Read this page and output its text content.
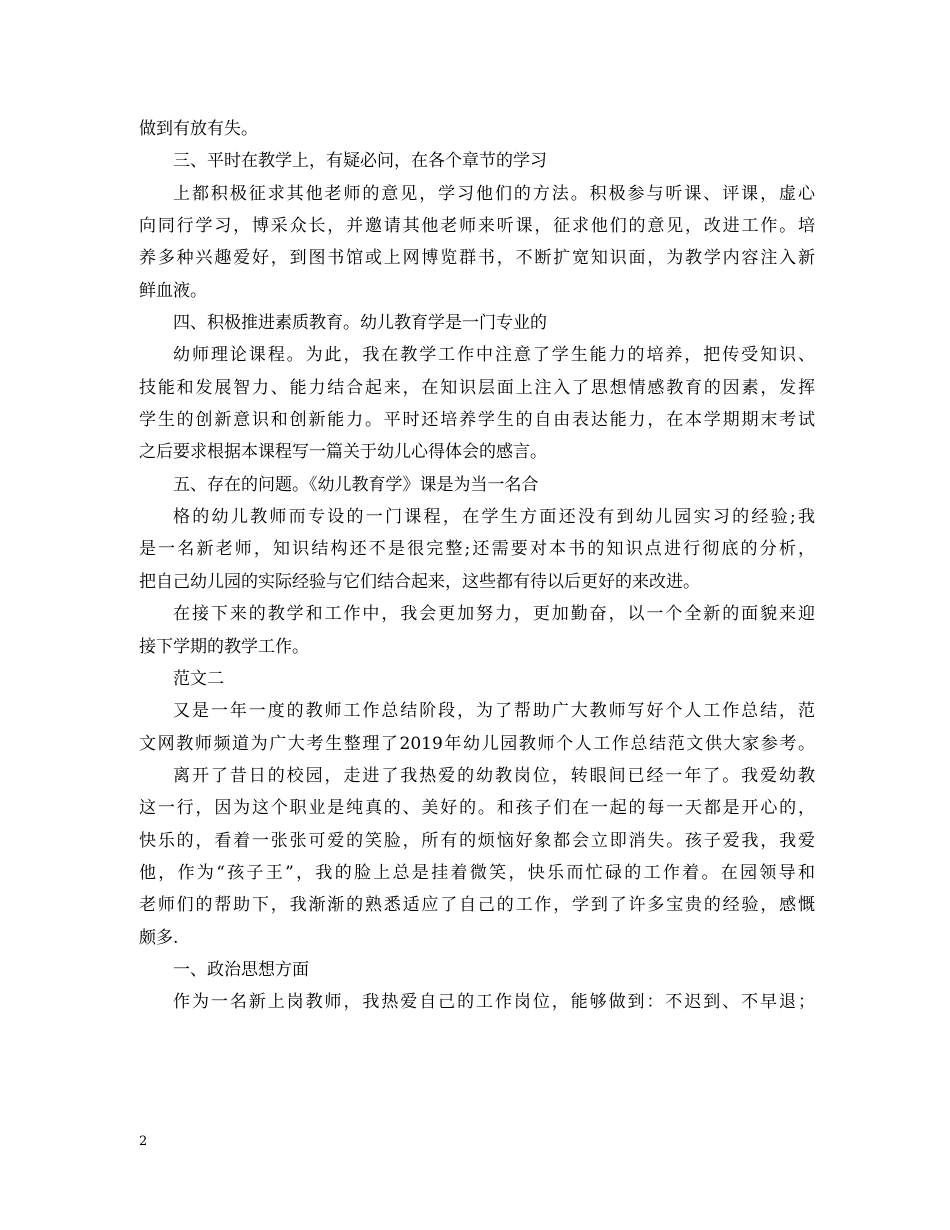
做到有放有失。
三、平时在教学上，有疑必问，在各个章节的学习
上都积极征求其他老师的意见，学习他们的方法。积极参与听课、评课，虚心
向同行学习，博采众长，并邀请其他老师来听课，征求他们的意见，改进工作。培
养多种兴趣爱好，到图书馆或上网博览群书，不断扩宽知识面，为教学内容注入新
鲜血液。
四、积极推进素质教育。幼儿教育学是一门专业的
幼师理论课程。为此，我在教学工作中注意了学生能力的培养，把传受知识、
技能和发展智力、能力结合起来，在知识层面上注入了思想情感教育的因素，发挥
学生的创新意识和创新能力。平时还培养学生的自由表达能力，在本学期期末考试
之后要求根据本课程写一篇关于幼儿心得体会的感言。
五、存在的问题。《幼儿教育学》课是为当一名合
格的幼儿教师而专设的一门课程，在学生方面还没有到幼儿园实习的经验;我
是一名新老师，知识结构还不是很完整;还需要对本书的知识点进行彻底的分析，
把自己幼儿园的实际经验与它们结合起来，这些都有待以后更好的来改进。
在接下来的教学和工作中，我会更加努力，更加勤奋，以一个全新的面貌来迎
接下学期的教学工作。
范文二
又是一年一度的教师工作总结阶段，为了帮助广大教师写好个人工作总结，范
文网教师频道为广大考生整理了2019年幼儿园教师个人工作总结范文供大家参考。
离开了昔日的校园，走进了我热爱的幼教岗位，转眼间已经一年了。我爱幼教
这一行，因为这个职业是纯真的、美好的。和孩子们在一起的每一天都是开心的，
快乐的，看着一张张可爱的笑脸，所有的烦恼好象都会立即消失。孩子爱我，我爱
他，作为“孩子王”，我的脸上总是挂着微笑，快乐而忙碌的工作着。在园领导和
老师们的帮助下，我渐渐的熟悉适应了自己的工作，学到了许多宝贵的经验，感慨
颇多.
一、政治思想方面
作为一名新上岗教师，我热爱自己的工作岗位，能够做到：不迟到、不早退；
2
